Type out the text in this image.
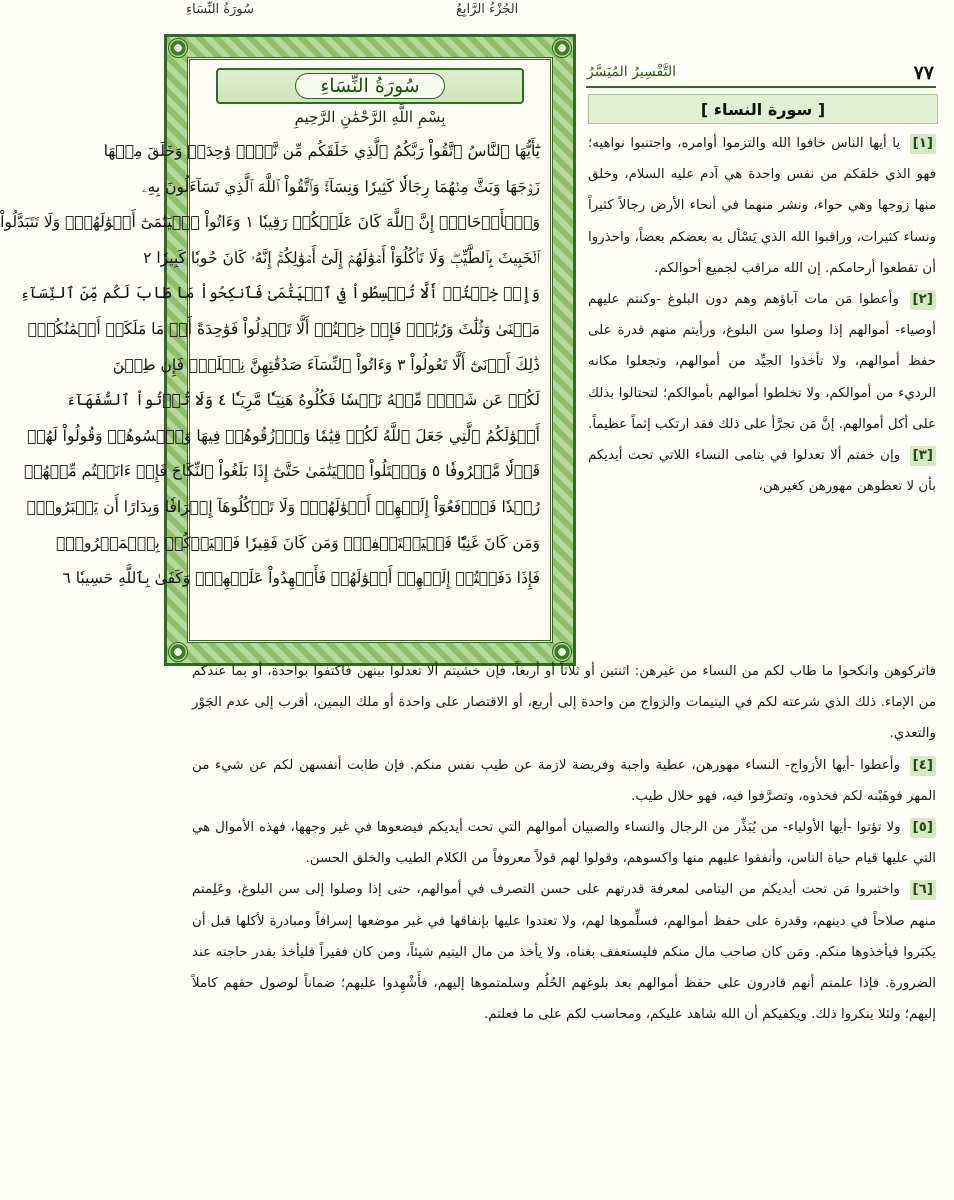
سُورَةُ النِّسَاءِ	الجُزْءُ الرَّابِعُ
سُورَةُ النِّسَاءِ
بِسْمِ اللَّهِ الرَّحْمَٰنِ الرَّحِيمِ
يَٰٓأَيُّهَا ٱلنَّاسُ ٱتَّقُواْ رَبَّكُمُ ٱلَّذِي خَلَقَكُم مِّن نَّفۡسٖ وَٰحِدَةٖ وَخَلَقَ مِنۡهَا
زَوۡجَهَا وَبَثَّ مِنۡهُمَا رِجَالٗا كَثِيرٗا وَنِسَآءٗۚ وَٱتَّقُواْ ٱللَّهَ ٱلَّذِي تَسَآءَلُونَ بِهِۦ
وَٱلۡأَرۡحَامَۚ إِنَّ ٱللَّهَ كَانَ عَلَيۡكُمۡ رَقِيبٗا ١ وَءَاتُواْ ٱلۡيَتَٰمَىٰٓ أَمۡوَٰلَهُمۡۖ وَلَا تَتَبَدَّلُواْ
ٱلۡخَبِيثَ بِٱلطَّيِّبِۖ وَلَا تَأۡكُلُوٓاْ أَمۡوَٰلَهُمۡ إِلَىٰٓ أَمۡوَٰلِكُمۡۚ إِنَّهُۥ كَانَ حُوبٗا كَبِيرٗا ٢
وَإِنۡ خِفۡتُمۡ أَلَّا تُقۡسِطُواْ فِي ٱلۡيَتَٰمَىٰ فَٱنكِحُواْ مَا طَابَ لَكُم مِّنَ ٱلنِّسَآءِ
مَثۡنَىٰ وَثُلَٰثَ وَرُبَٰعَۖ فَإِنۡ خِفۡتُمۡ أَلَّا تَعۡدِلُواْ فَوَٰحِدَةً أَوۡ مَا مَلَكَتۡ أَيۡمَٰنُكُمۡۚ
ذَٰلِكَ أَدۡنَىٰٓ أَلَّا تَعُولُواْ ٣ وَءَاتُواْ ٱلنِّسَآءَ صَدُقَٰتِهِنَّ نِحۡلَةٗۚ فَإِن طِبۡنَ
لَكُمۡ عَن شَيۡءٖ مِّنۡهُ نَفۡسٗا فَكُلُوهُ هَنِيٓـٔٗا مَّرِيٓـٔٗا ٤ وَلَا تُؤۡتُواْ ٱلسُّفَهَآءَ
أَمۡوَٰلَكُمُ ٱلَّتِي جَعَلَ ٱللَّهُ لَكُمۡ قِيَٰمٗا وَٱرۡزُقُوهُمۡ فِيهَا وَٱكۡسُوهُمۡ وَقُولُواْ لَهُمۡ
قَوۡلٗا مَّعۡرُوفٗا ٥ وَٱبۡتَلُواْ ٱلۡيَتَٰمَىٰ حَتَّىٰٓ إِذَا بَلَغُواْ ٱلنِّكَاحَ فَإِنۡ ءَانَسۡتُم مِّنۡهُمۡ
رُشۡدٗا فَٱدۡفَعُوٓاْ إِلَيۡهِمۡ أَمۡوَٰلَهُمۡۖ وَلَا تَأۡكُلُوهَآ إِسۡرَافٗا وَبِدَارًا أَن يَكۡبَرُواْۚ
وَمَن كَانَ غَنِيّٗا فَلۡيَسۡتَعۡفِفۡۖ وَمَن كَانَ فَقِيرٗا فَلۡيَأۡكُلۡ بِٱلۡمَعۡرُوفِۚ
فَإِذَا دَفَعۡتُمۡ إِلَيۡهِمۡ أَمۡوَٰلَهُمۡ فَأَشۡهِدُواْ عَلَيۡهِمۡۚ وَكَفَىٰ بِٱللَّهِ حَسِيبٗا ٦
٧٧
التَّفْسِيرُ المُيَسَّرُ
[ سورة النساء ]

[١] يا أيها الناس خافوا الله والتزموا أوامره، واجتنبوا نواهيه؛ فهو الذي خلقكم من نفس واحدة هي آدم عليه السلام، وخلق منها زوجها وهي حواء، ونشر منهما في أنحاء الأرض رجالاً كثيراً ونساء كثيرات، وراقبوا الله الذي يَسْأل به بعضكم بعضاً، واحذروا أن تقطعوا أرحامكم. إن الله مراقب لجميع أحوالكم.

[٢] وأعطوا مَن مات آباؤهم وهم دون البلوغ -وكنتم عليهم أوصياء- أموالهم إذا وصلوا سن البلوغ، ورأيتم منهم قدرة على حفظ أموالهم، ولا تأخذوا الجيِّد من أموالهم، وتجعلوا مكانه الرديء من أموالكم، ولا تخلطوا أموالهم بأموالكم؛ لتحتالوا بذلك على أكل أموالهم. إنَّ مَن تجرَّأ على ذلك فقد ارتكب إثماً عظيماً.

[٣] وإن خفتم ألا تعدلوا في يتامى النساء اللاتي تحت أيديكم بأن لا تعطوهن مهورهن كغيرهن،

فاتركوهن وانكحوا ما طاب لكم من النساء من غيرهن: اثنتين أو ثلاثاً أو أربعاً، فإن خشيتم ألا تعدلوا بينهن فاكتفوا بواحدة، أو بما عندكم من الإماء. ذلك الذي شرعته لكم في اليتيمات والزواج من واحدة إلى أربع، أو الاقتصار على واحدة أو ملك اليمين، أقرب إلى عدم الجَوْر والتعدي.

[٤] وأعطوا -أيها الأزواج- النساء مهورهن، عطية واجبة وفريضة لازمة عن طيب نفس منكم. فإن طابت أنفسهن لكم عن شيء من المهر فوهَبْنه لكم فخذوه، وتصرَّفوا فيه، فهو حلال طيب.

[٥] ولا تؤتوا -أيها الأولياء- من يُبَذِّر من الرجال والنساء والصبيان أموالهم التي تحت أيديكم فيضعوها في غير وجهها، فهذه الأموال هي التي عليها قيام حياة الناس، وأنفقوا عليهم منها واكسوهم، وقولوا لهم قولاً معروفاً من الكلام الطيب والخلق الحسن.

[٦] واختبروا مَن تحت أيديكم من اليتامى لمعرفة قدرتهم على حسن التصرف في أموالهم، حتى إذا وصلوا إلى سن البلوغ، وعَلِمتم منهم صلاحاً في دينهم، وقدرة على حفظ أموالهم، فسلِّموها لهم، ولا تعتدوا عليها بإنفاقها في غير موضعها إسرافاً ومبادرة لأكلها قبل أن يكبَروا فيأخذوها منكم. ومَن كان صاحب مال منكم فليستعفف بغناه، ولا يأخذ من مال اليتيم شيئاً، ومن كان فقيراً فليأخذ بقدر حاجته عند الضرورة. فإذا علمتم أنهم قادرون على حفظ أموالهم بعد بلوغهم الحُلُم وسلمتموها إليهم، فأَشْهِدوا عليهم؛ ضماناً لوصول حقهم كاملاً إليهم؛ ولئلا ينكروا ذلك. ويكفيكم أن الله شاهد عليكم، ومحاسب لكم على ما فعلتم.
